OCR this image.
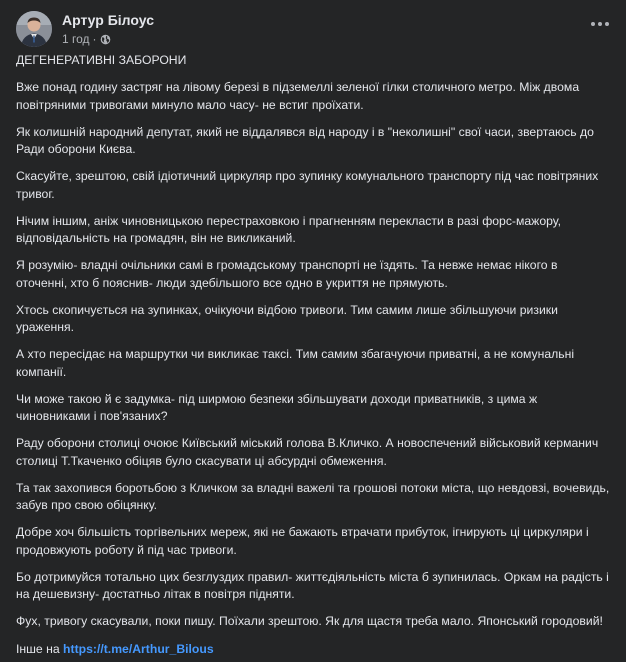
Артур Білоус
1 год ·

ДЕГЕНЕРАТИВНІ ЗАБОРОНИ

Вже понад годину застряг на лівому березі в підземеллі зеленої гілки столичного метро. Між двома повітряними тривогами минуло мало часу- не встиг проїхати.

Як колишній народний депутат, який не віддалявся від народу і в "неколишні" свої часи, звертаюсь до Ради оборони Києва.

Скасуйте, зрештою, свій ідіотичний циркуляр про зупинку комунального транспорту під час повітряних тривог.

Нічим іншим, аніж чиновницькою перестраховкою і прагненням перекласти в разі форс-мажору, відповідальність на громадян, він не викликаний.

Я розумію- владні очільники самі в громадському транспорті не їздять. Та невже немає нікого в оточенні, хто б пояснив- люди здебільшого все одно в укриття не прямують.

Хтось скопичується на зупинках, очікуючи відбою тривоги. Тим самим лише збільшуючи ризики ураження.

А хто пересідає на маршрутки чи викликає таксі. Тим самим збагачуючи приватні, а не комунальні компанії.

Чи може такою й є задумка- під ширмою безпеки збільшувати доходи приватників, з цима ж чиновниками і пов'язаних?

Раду оборони столиці очоює Київський міський голова В.Кличко. А новоспечений військовий керманич столиці Т.Ткаченко обіцяв було скасувати ці абсурдні обмеження.

Та так захопився боротьбою з Кличком за владні важелі та грошові потоки міста, що невдовзі, вочевидь, забув про свою обіцянку.

Добре хоч більшість торгівельних мереж, які не бажають втрачати прибуток, ігнирують ці циркуляри і продовжують роботу й під час тривоги.

Бо дотримуйся тотально цих безглуздих правил- життєдіяльність міста б зупинилась. Оркам на радість і на дешевизну- достатньо літак в повітря підняти.

Фух, тривогу скасували, поки пишу. Поїхали зрештою. Як для щастя треба мало. Японський городовий!

Інше на https://t.me/Arthur_Bilous
